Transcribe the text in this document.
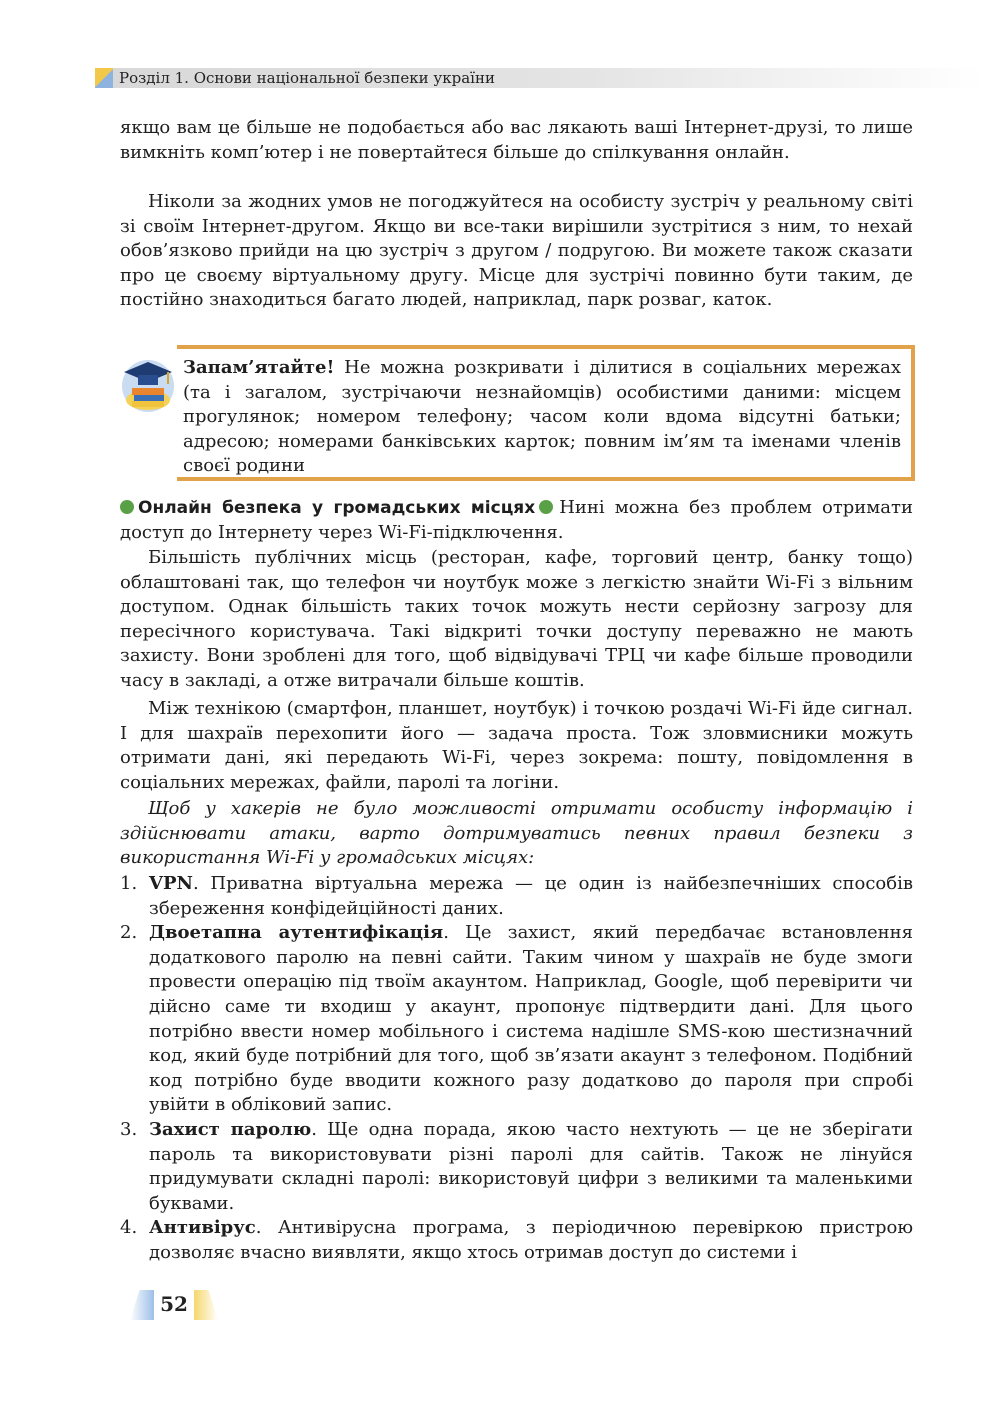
Розділ 1. Основи національної безпеки україни

якщо вам це більше не подобається або вас лякають ваші Інтернет-друзі, то лише вимкніть комп’ютер і не повертайтеся більше до спілкування онлайн.

Ніколи за жодних умов не погоджуйтеся на особисту зустріч у реальному світі зі своїм Інтернет-другом. Якщо ви все-таки вирішили зустрітися з ним, то нехай обов’язково прийди на цю зустріч з другом / подругою. Ви можете також сказати про це своєму віртуальному другу. Місце для зустрічі повинно бути таким, де постійно знаходиться багато людей, наприклад, парк розваг, каток.

Запам’ятайте! Не можна розкривати і ділитися в соціальних мережах (та і загалом, зустрічаючи незнайомців) особистими даними: місцем прогулянок; номером телефону; часом коли вдома відсутні батьки; адресою; номерами банківських карток; повним ім’ям та іменами членів своєї родини

Онлайн безпека у громадських місцях Нині можна без проблем отримати доступ до Інтернету через Wi-Fi-підключення.

Більшість публічних місць (ресторан, кафе, торговий центр, банку тощо) облаштовані так, що телефон чи ноутбук може з легкістю знайти Wi-Fi з вільним доступом. Однак більшість таких точок можуть нести серйозну загрозу для пересічного користувача. Такі відкриті точки доступу переважно не мають захисту. Вони зроблені для того, щоб відвідувачі ТРЦ чи кафе більше проводили часу в закладі, а отже витрачали більше коштів.

Між технікою (смартфон, планшет, ноутбук) і точкою роздачі Wi-Fi йде сигнал. І для шахраїв перехопити його — задача проста. Тож зловмисники можуть отримати дані, які передають Wi-Fi, через зокрема: пошту, повідомлення в соціальних мережах, файли, паролі та логіни.

Щоб у хакерів не було можливості отримати особисту інформацію і здійснювати атаки, варто дотримуватись певних правил безпеки з використання Wi-Fi у громадських місцях:

1. VPN. Приватна віртуальна мережа — це один із найбезпечніших способів збереження конфідейційності даних.
2. Двоетапна аутентифікація. Це захист, який передбачає встановлення додаткового паролю на певні сайти. Таким чином у шахраїв не буде змоги провести операцію під твоїм акаунтом. Наприклад, Google, щоб перевірити чи дійсно саме ти входиш у акаунт, пропонує підтвердити дані. Для цього потрібно ввести номер мобільного і система надішле SMS-кою шестизначний код, який буде потрібний для того, щоб зв’язати акаунт з телефоном. Подібний код потрібно буде вводити кожного разу додатково до пароля при спробі увійти в обліковий запис.
3. Захист паролю. Ще одна порада, якою часто нехтують — це не зберігати пароль та використовувати різні паролі для сайтів. Також не лінуйся придумувати складні паролі: використовуй цифри з великими та маленькими буквами.
4. Антивірус. Антивірусна програма, з періодичною перевіркою пристрою дозволяє вчасно виявляти, якщо хтось отримав доступ до системи і
52
